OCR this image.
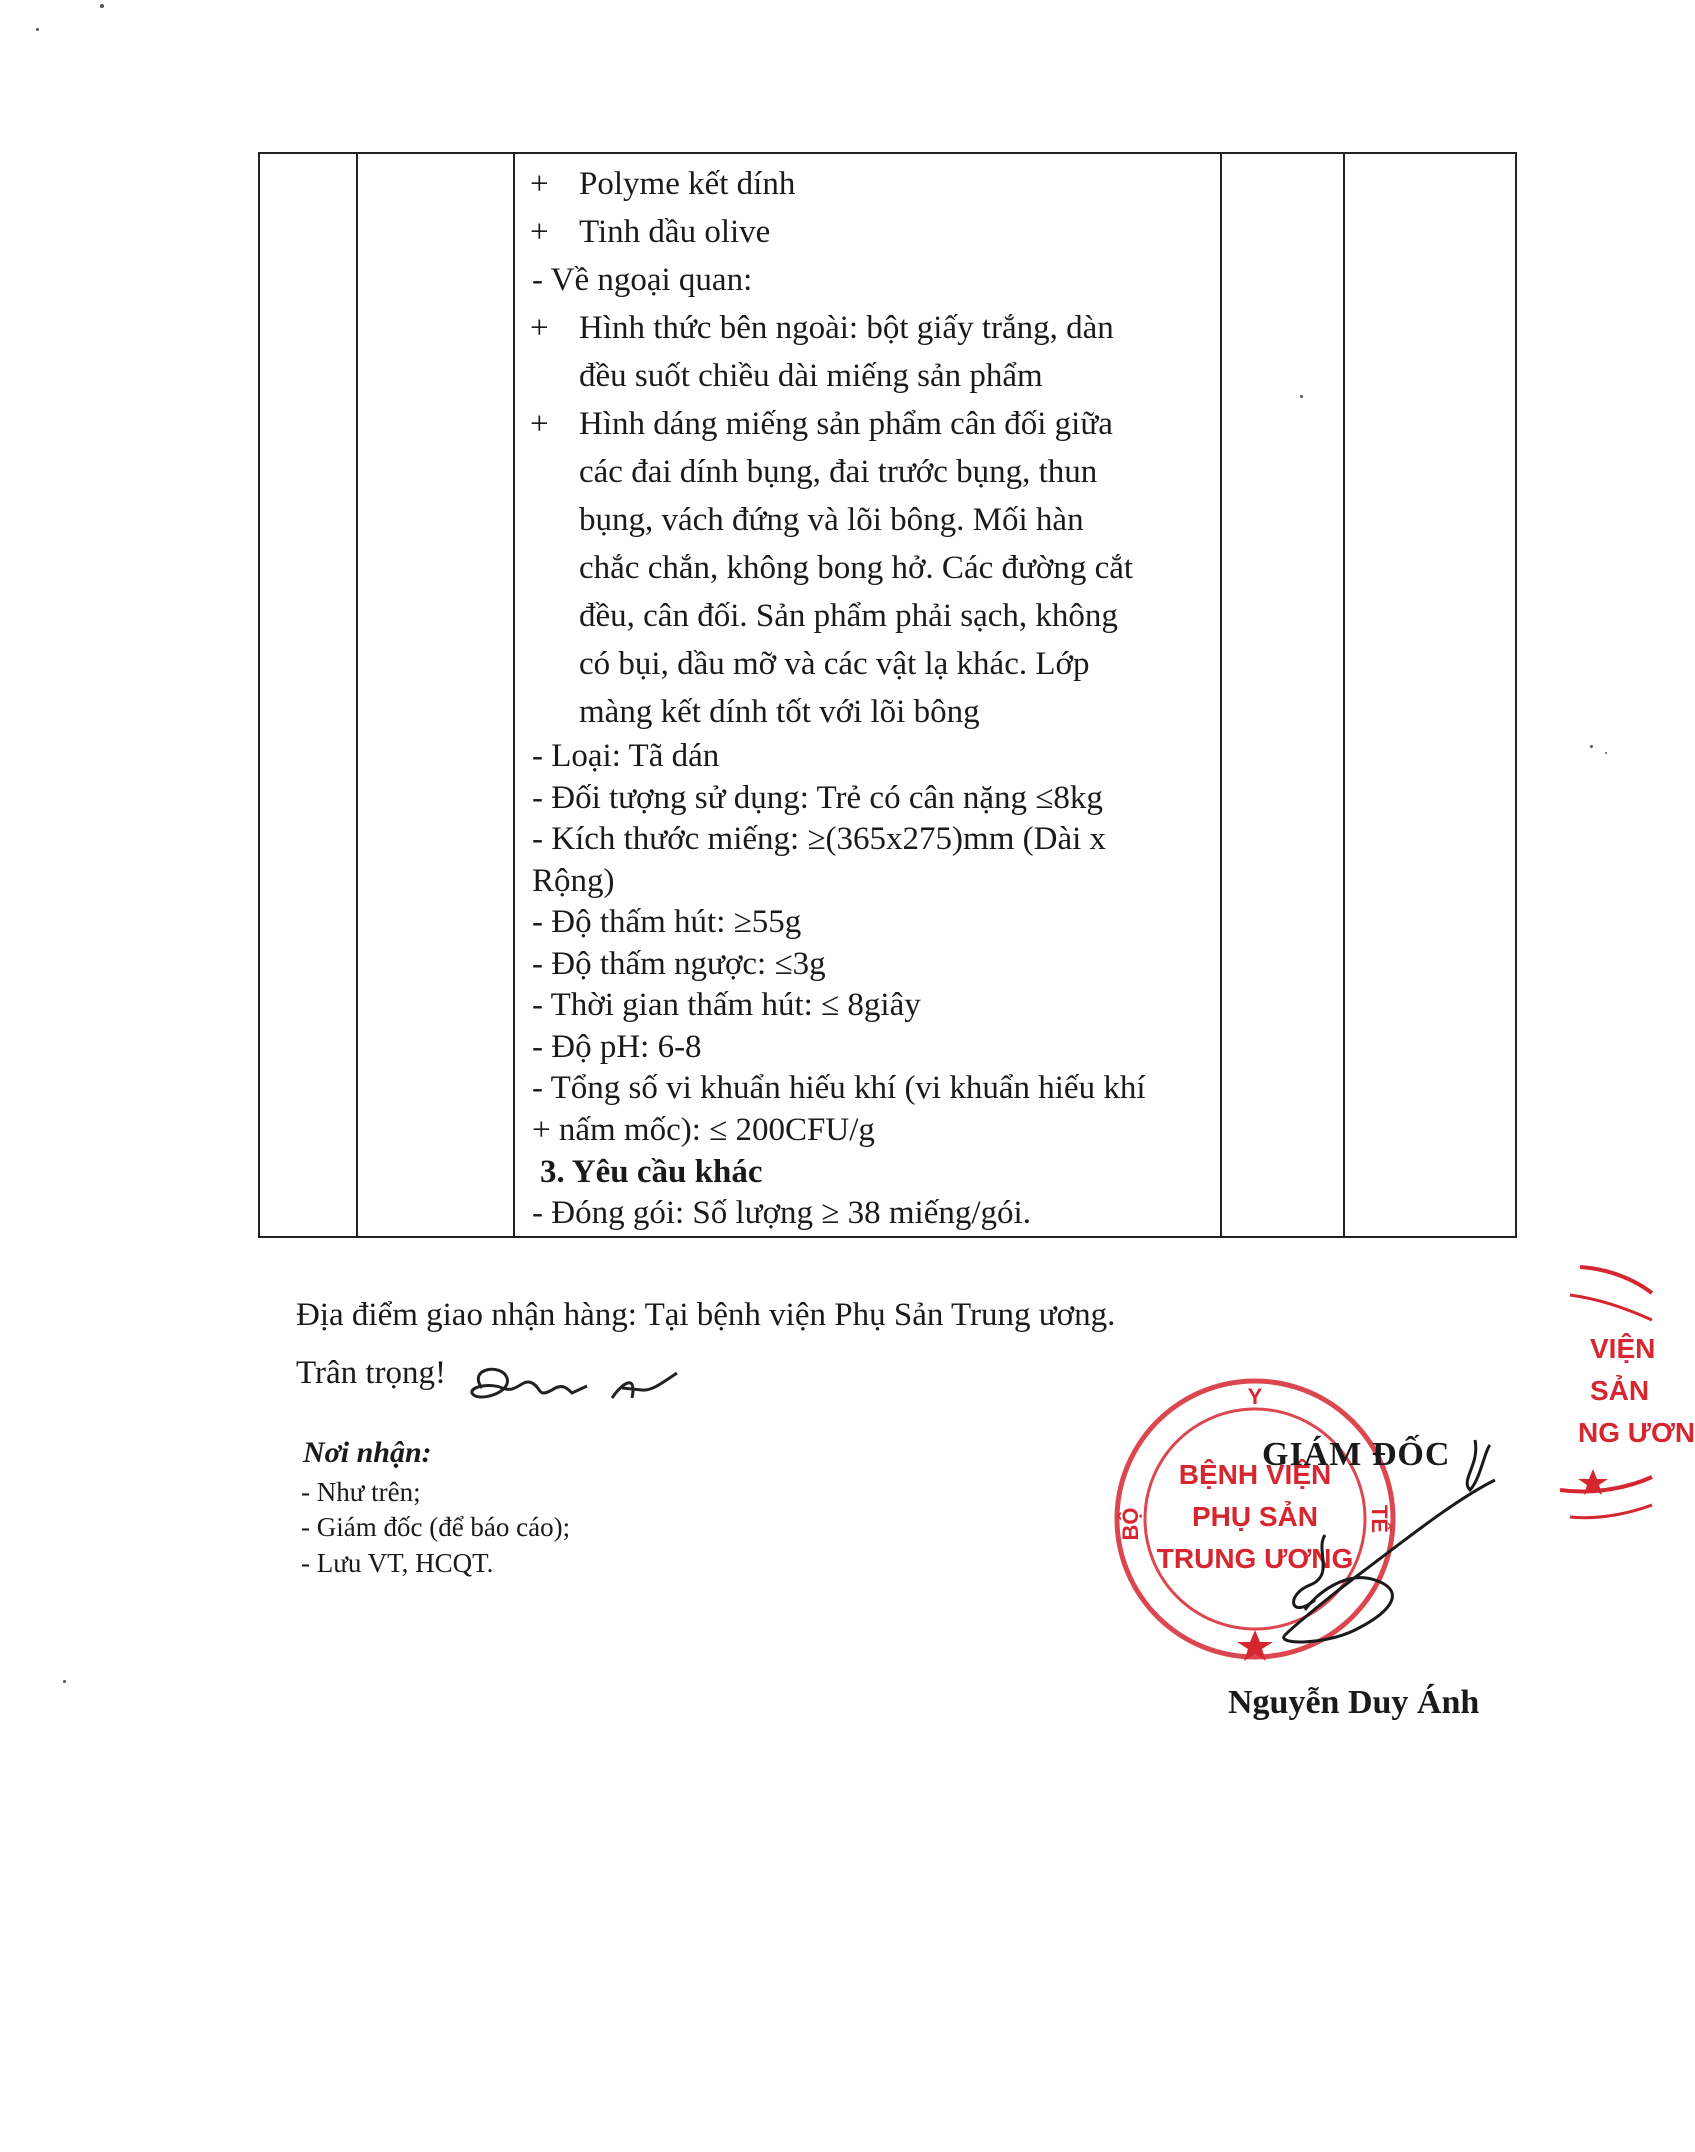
+ Polyme kết dính
+ Tinh dầu olive
- Về ngoại quan:
+ Hình thức bên ngoài: bột giấy trắng, dàn
đều suốt chiều dài miếng sản phẩm
+ Hình dáng miếng sản phẩm cân đối giữa
các đai dính bụng, đai trước bụng, thun
bụng, vách đứng và lõi bông. Mối hàn
chắc chắn, không bong hở. Các đường cắt
đều, cân đối. Sản phẩm phải sạch, không
có bụi, dầu mỡ và các vật lạ khác. Lớp
màng kết dính tốt với lõi bông
- Loại: Tã dán
- Đối tượng sử dụng: Trẻ có cân nặng ≤8kg
- Kích thước miếng: ≥(365x275)mm (Dài x
Rộng)
- Độ thấm hút: ≥55g
- Độ thấm ngược: ≤3g
- Thời gian thấm hút: ≤ 8giây
- Độ pH: 6-8
- Tổng số vi khuẩn hiếu khí (vi khuẩn hiếu khí
+ nấm mốc): ≤ 200CFU/g
3. Yêu cầu khác
- Đóng gói: Số lượng ≥ 38 miếng/gói.
Địa điểm giao nhận hàng: Tại bệnh viện Phụ Sản Trung ương.
Trân trọng!
Nơi nhận:
- Như trên;
- Giám đốc (để báo cáo);
- Lưu VT, HCQT.
Y
BỘ	TẾ
BỆNH VIỆN
PHỤ SẢN
TRUNG ƯƠNG
VIỆN
SẢN
NG ƯƠN
GIÁM ĐỐC
Nguyễn Duy Ánh
